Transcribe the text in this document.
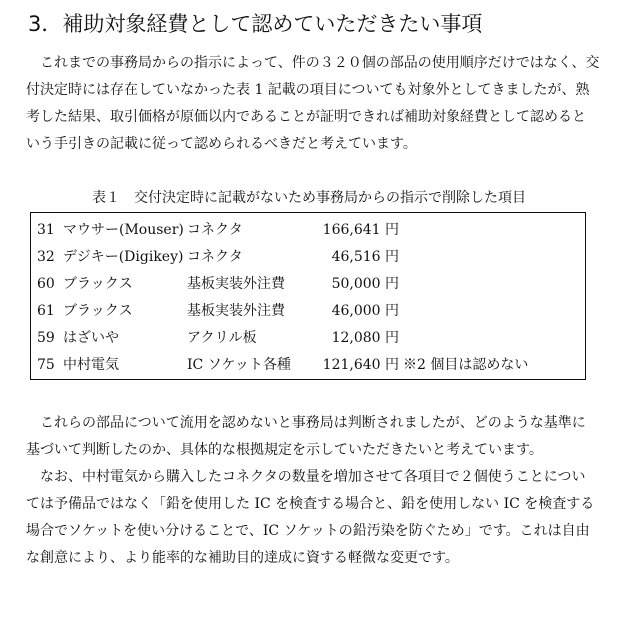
3．補助対象経費として認めていただきたい事項

これまでの事務局からの指示によって、件の３２０個の部品の使用順序だけではなく、交
付決定時には存在していなかった表 1 記載の項目についても対象外としてきましたが、熟
考した結果、取引価格が原価以内であることが証明できれば補助対象経費として認めると
いう手引きの記載に従って認められるべきだと考えています。

表１　交付決定時に記載がないため事務局からの指示で削除した項目
31 マウサー(Mouser) コネクタ	166,641 円
32 デジキー(Digikey) コネクタ	46,516 円
60 ブラックス	基板実装外注費	50,000 円
61 ブラックス	基板実装外注費	46,000 円
59 はざいや	アクリル板	12,080 円
75 中村電気	IC ソケット各種	121,640 円 ※2 個目は認めない

これらの部品について流用を認めないと事務局は判断されましたが、どのような基準に
基づいて判断したのか、具体的な根拠規定を示していただきたいと考えています。

なお、中村電気から購入したコネクタの数量を増加させて各項目で２個使うことについ
ては予備品ではなく「鉛を使用した IC を検査する場合と、鉛を使用しない IC を検査する
場合でソケットを使い分けることで、IC ソケットの鉛汚染を防ぐため」です。これは自由
な創意により、より能率的な補助目的達成に資する軽微な変更です。
